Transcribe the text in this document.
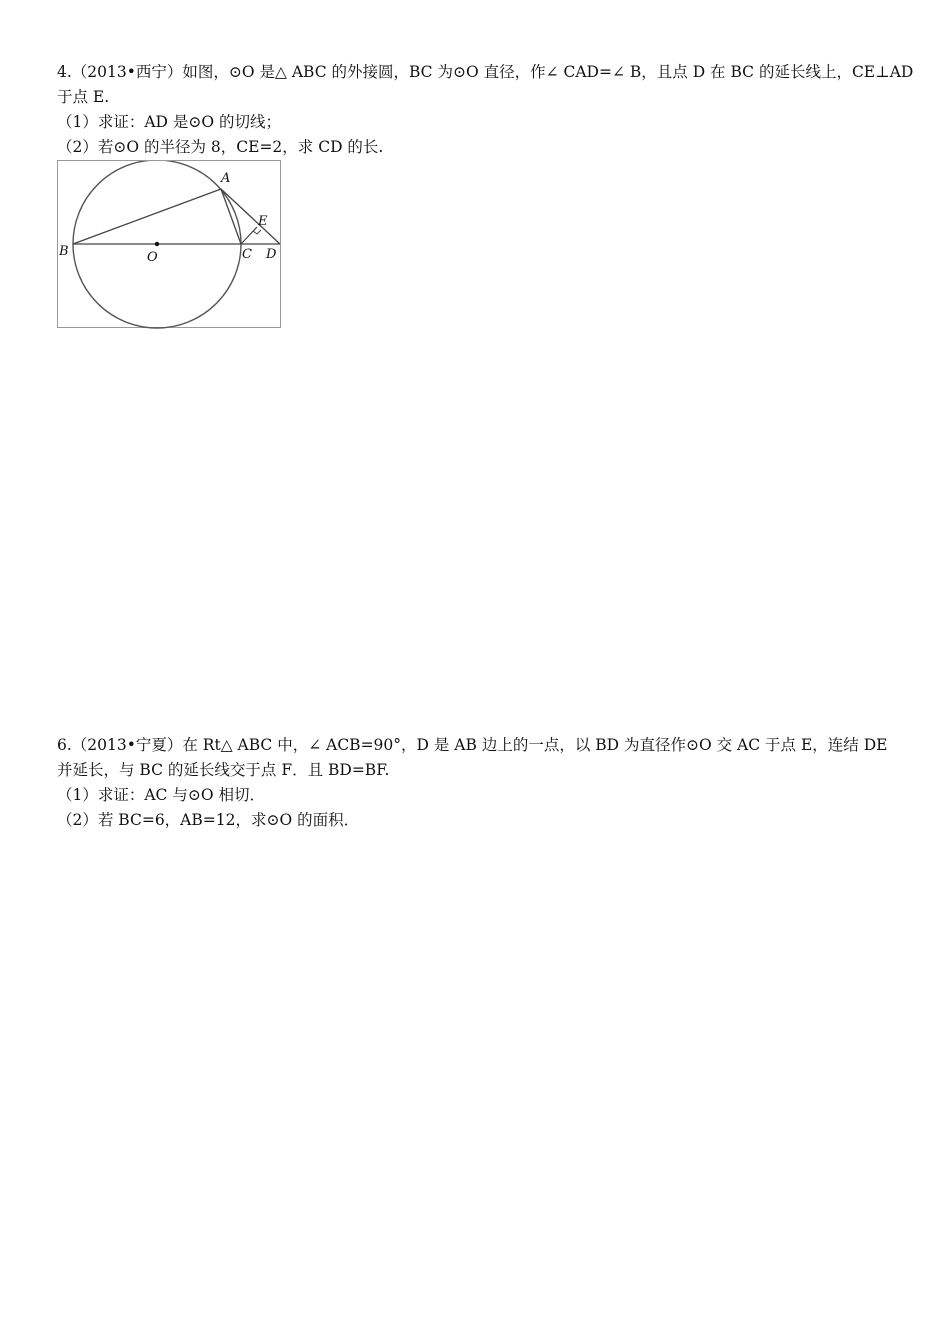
4.（2013•西宁）如图，⊙O 是△ ABC 的外接圆，BC 为⊙O 直径，作∠ CAD=∠ B，且点 D 在 BC 的延长线上，CE⊥AD
于点 E.
（1）求证：AD 是⊙O 的切线；
（2）若⊙O 的半径为 8，CE=2，求 CD 的长.
A
B	O	C D
E
6.（2013•宁夏）在 Rt△ ABC 中，∠ ACB=90°，D 是 AB 边上的一点，以 BD 为直径作⊙O 交 AC 于点 E，连结 DE
并延长，与 BC 的延长线交于点 F．且 BD=BF.
（1）求证：AC 与⊙O 相切．
（2）若 BC=6，AB=12，求⊙O 的面积．
